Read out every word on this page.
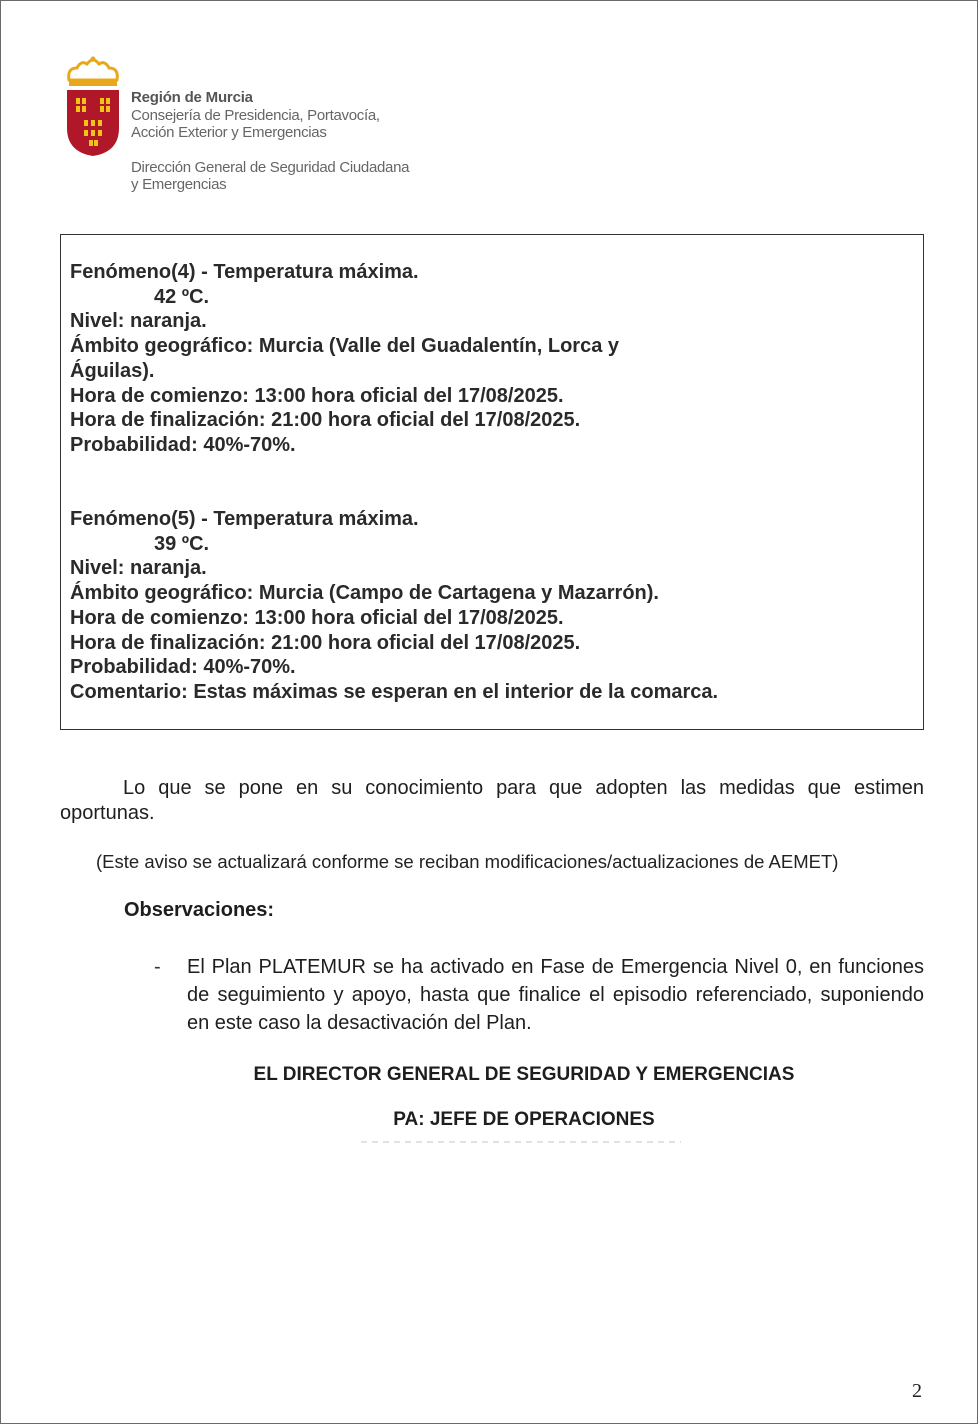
Región de Murcia
Consejería de Presidencia, Portavocía,
Acción Exterior y Emergencias
Dirección General de Seguridad Ciudadana
y Emergencias
Fenómeno(4) - Temperatura máxima.
42 ºC.
Nivel: naranja.
Ámbito geográfico: Murcia (Valle del Guadalentín, Lorca y
Águilas).
Hora de comienzo: 13:00 hora oficial del 17/08/2025.
Hora de finalización: 21:00 hora oficial del 17/08/2025.
Probabilidad: 40%-70%.
Fenómeno(5) - Temperatura máxima.
39 ºC.
Nivel: naranja.
Ámbito geográfico: Murcia (Campo de Cartagena y Mazarrón).
Hora de comienzo: 13:00 hora oficial del 17/08/2025.
Hora de finalización: 21:00 hora oficial del 17/08/2025.
Probabilidad: 40%-70%.
Comentario: Estas máximas se esperan en el interior de la comarca.
Lo que se pone en su conocimiento para que adopten las medidas que estimen oportunas.
(Este aviso se actualizará conforme se reciban modificaciones/actualizaciones de AEMET)
Observaciones:
- El Plan PLATEMUR se ha activado en Fase de Emergencia Nivel 0, en funciones de seguimiento y apoyo, hasta que finalice el episodio referenciado, suponiendo en este caso la desactivación del Plan.
EL DIRECTOR GENERAL DE SEGURIDAD Y EMERGENCIAS
PA: JEFE DE OPERACIONES
2
